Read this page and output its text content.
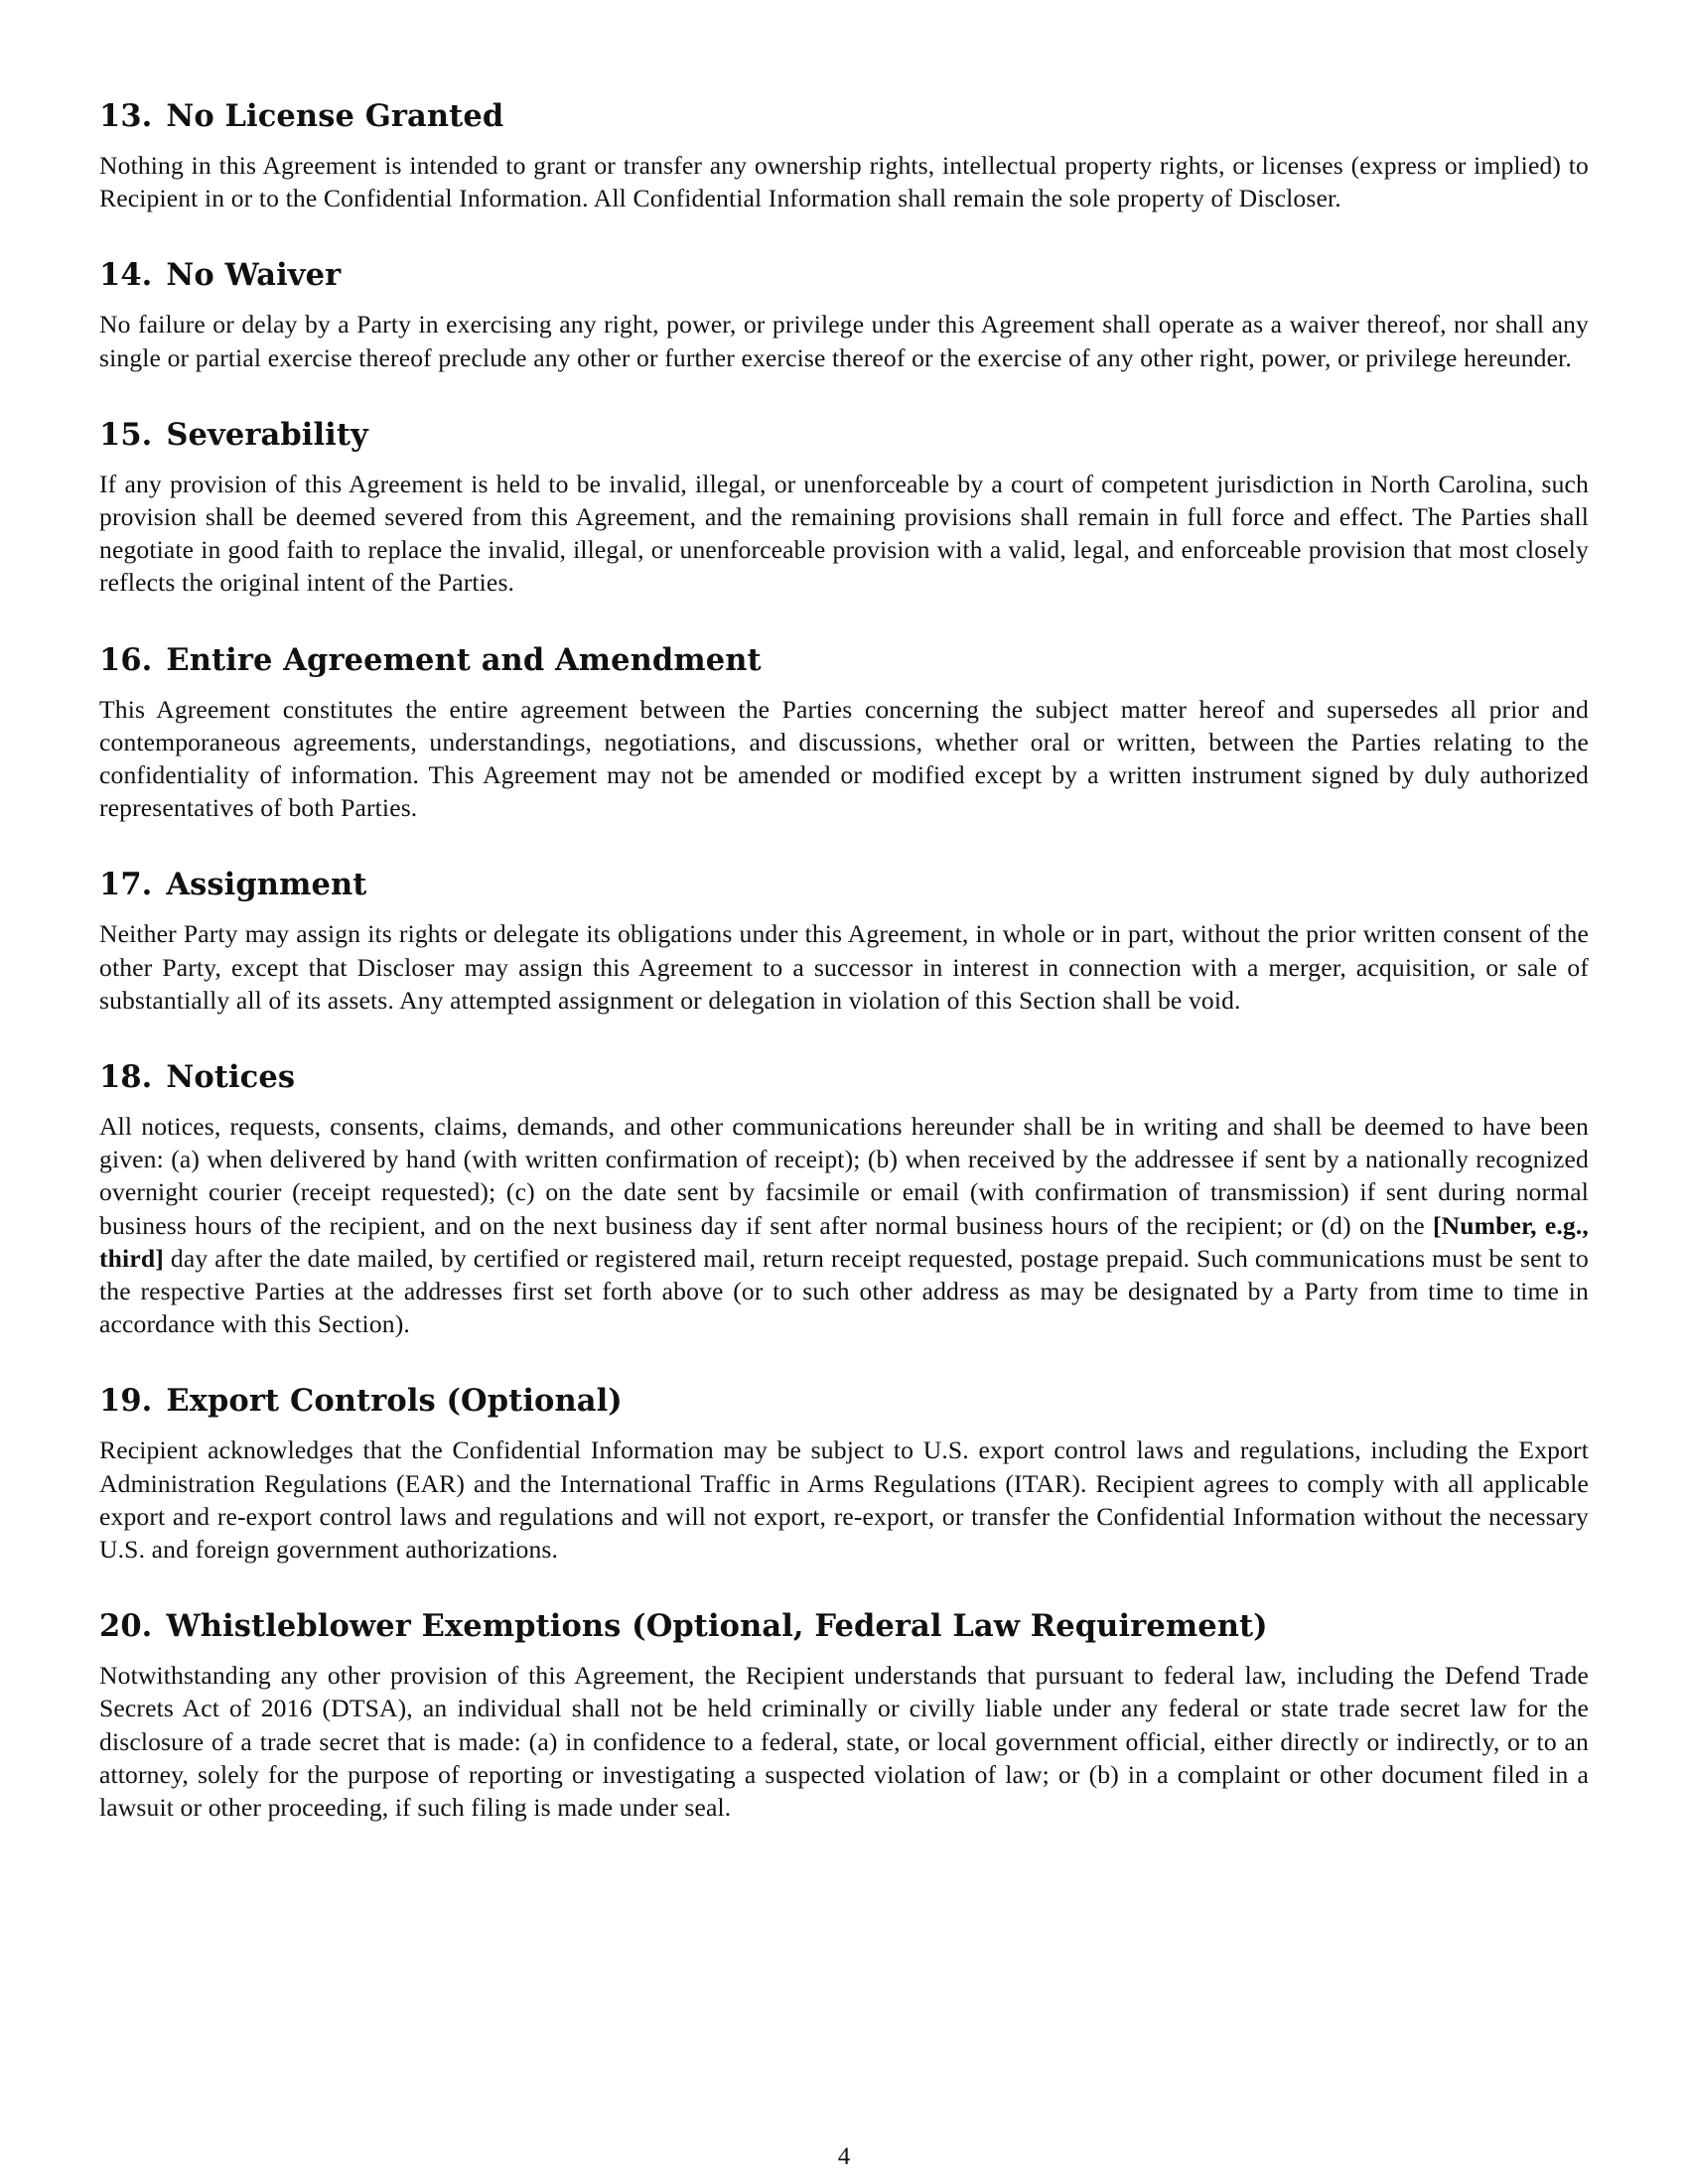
13. No License Granted

Nothing in this Agreement is intended to grant or transfer any ownership rights, intellectual property rights, or licenses (express or implied) to Recipient in or to the Confidential Information. All Confidential Information shall remain the sole property of Discloser.

14. No Waiver

No failure or delay by a Party in exercising any right, power, or privilege under this Agreement shall operate as a waiver thereof, nor shall any single or partial exercise thereof preclude any other or further exercise thereof or the exercise of any other right, power, or privilege hereunder.

15. Severability

If any provision of this Agreement is held to be invalid, illegal, or unenforceable by a court of competent jurisdiction in North Carolina, such provision shall be deemed severed from this Agreement, and the remaining provisions shall remain in full force and effect. The Parties shall negotiate in good faith to replace the invalid, illegal, or unenforceable provision with a valid, legal, and enforceable provision that most closely reflects the original intent of the Parties.

16. Entire Agreement and Amendment

This Agreement constitutes the entire agreement between the Parties concerning the subject matter hereof and supersedes all prior and contemporaneous agreements, understandings, negotiations, and discussions, whether oral or written, between the Parties relating to the confidentiality of information. This Agreement may not be amended or modified except by a written instrument signed by duly authorized representatives of both Parties.

17. Assignment

Neither Party may assign its rights or delegate its obligations under this Agreement, in whole or in part, without the prior written consent of the other Party, except that Discloser may assign this Agreement to a successor in interest in connection with a merger, acquisition, or sale of substantially all of its assets. Any attempted assignment or delegation in violation of this Section shall be void.

18. Notices

All notices, requests, consents, claims, demands, and other communications hereunder shall be in writing and shall be deemed to have been given: (a) when delivered by hand (with written confirmation of receipt); (b) when received by the addressee if sent by a nationally recognized overnight courier (receipt requested); (c) on the date sent by facsimile or email (with confirmation of transmission) if sent during normal business hours of the recipient, and on the next business day if sent after normal business hours of the recipient; or (d) on the [Number, e.g., third] day after the date mailed, by certified or registered mail, return receipt requested, postage prepaid. Such communications must be sent to the respective Parties at the addresses first set forth above (or to such other address as may be designated by a Party from time to time in accordance with this Section).

19. Export Controls (Optional)

Recipient acknowledges that the Confidential Information may be subject to U.S. export control laws and regulations, including the Export Administration Regulations (EAR) and the International Traffic in Arms Regulations (ITAR). Recipient agrees to comply with all applicable export and re-export control laws and regulations and will not export, re-export, or transfer the Confidential Information without the necessary U.S. and foreign government authorizations.

20. Whistleblower Exemptions (Optional, Federal Law Requirement)

Notwithstanding any other provision of this Agreement, the Recipient understands that pursuant to federal law, including the Defend Trade Secrets Act of 2016 (DTSA), an individual shall not be held criminally or civilly liable under any federal or state trade secret law for the disclosure of a trade secret that is made: (a) in confidence to a federal, state, or local government official, either directly or indirectly, or to an attorney, solely for the purpose of reporting or investigating a suspected violation of law; or (b) in a complaint or other document filed in a lawsuit or other proceeding, if such filing is made under seal.

4
